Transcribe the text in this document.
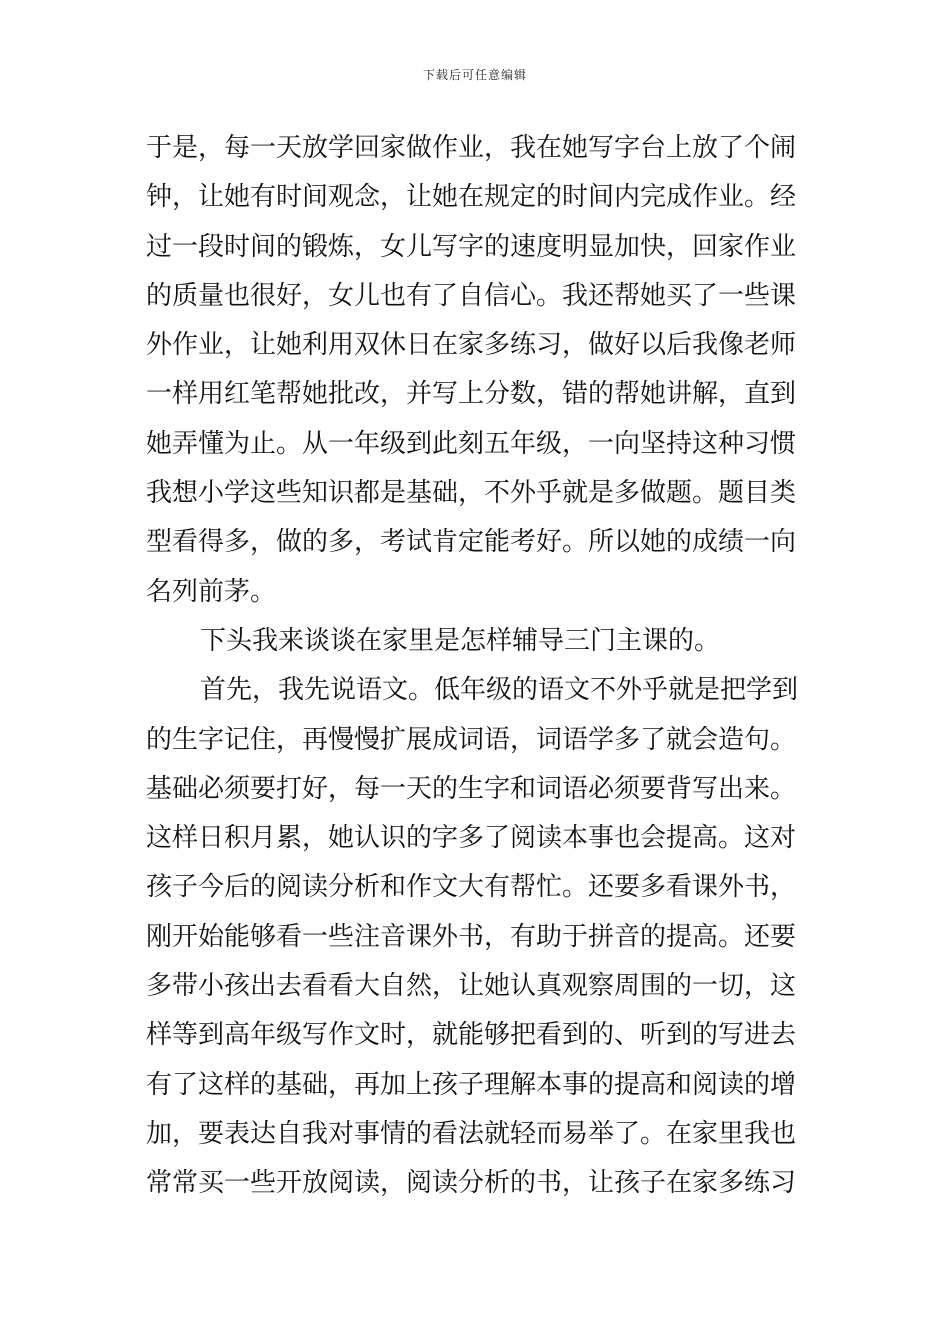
下载后可任意编辑
于是，每一天放学回家做作业，我在她写字台上放了个闹
钟，让她有时间观念，让她在规定的时间内完成作业。经
过一段时间的锻炼，女儿写字的速度明显加快，回家作业
的质量也很好，女儿也有了自信心。我还帮她买了一些课
外作业，让她利用双休日在家多练习，做好以后我像老师
一样用红笔帮她批改，并写上分数，错的帮她讲解，直到
她弄懂为止。从一年级到此刻五年级，一向坚持这种习惯
我想小学这些知识都是基础，不外乎就是多做题。题目类
型看得多，做的多，考试肯定能考好。所以她的成绩一向
名列前茅。
下头我来谈谈在家里是怎样辅导三门主课的。
首先，我先说语文。低年级的语文不外乎就是把学到
的生字记住，再慢慢扩展成词语，词语学多了就会造句。
基础必须要打好，每一天的生字和词语必须要背写出来。
这样日积月累，她认识的字多了阅读本事也会提高。这对
孩子今后的阅读分析和作文大有帮忙。还要多看课外书，
刚开始能够看一些注音课外书，有助于拼音的提高。还要
多带小孩出去看看大自然，让她认真观察周围的一切，这
样等到高年级写作文时，就能够把看到的、听到的写进去
有了这样的基础，再加上孩子理解本事的提高和阅读的增
加，要表达自我对事情的看法就轻而易举了。在家里我也
常常买一些开放阅读，阅读分析的书，让孩子在家多练习
